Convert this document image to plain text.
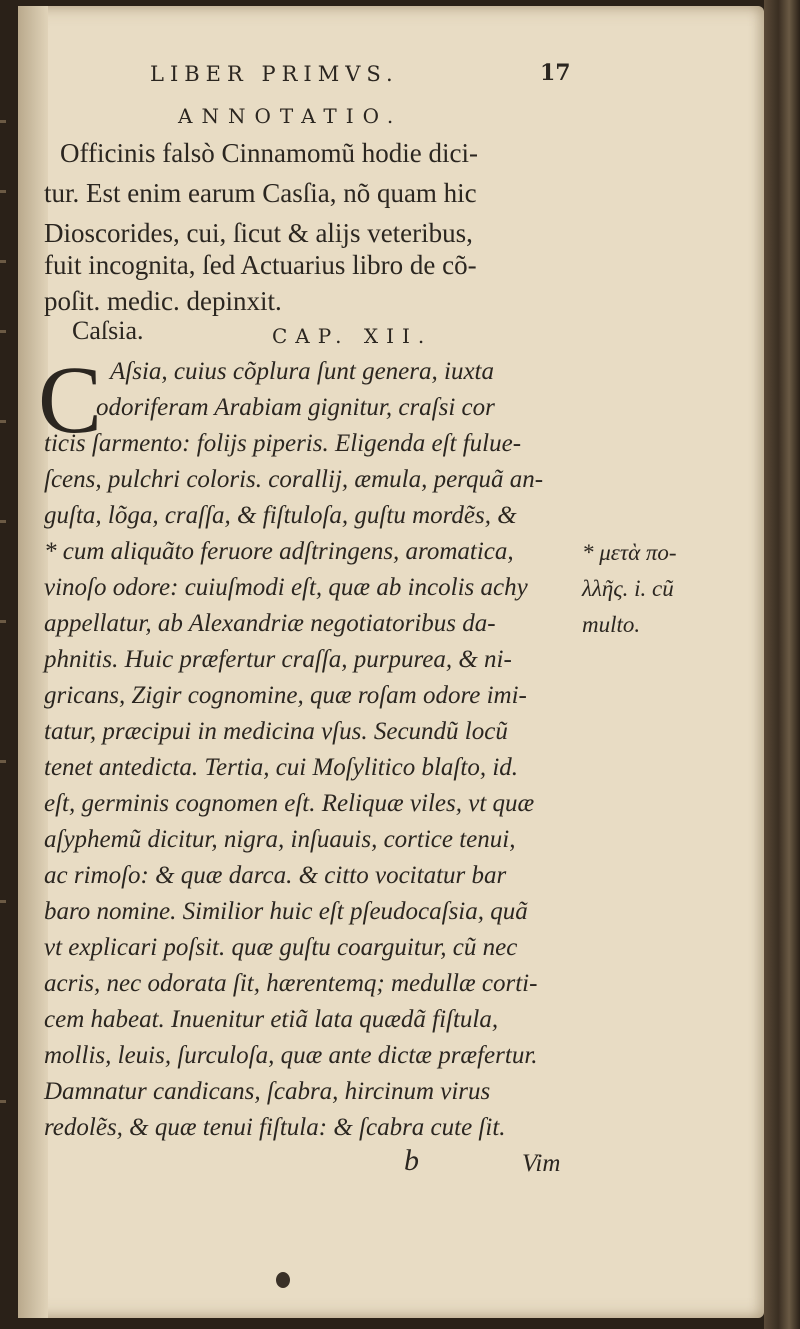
LIBER PRIMVS.	17
ANNOTATIO.
Officinis falsò Cinnamomũ hodie dici-
tur. Est enim earum Casſia, nõ quam hic
Dioscorides, cui, ſicut & alijs veteribus,
fuit incognita, ſed Actuarius libro de cõ-
poſit. medic. depinxit.
Caſsia.	CAP. XII.
C Aſsia, cuius cõplura ſunt genera, iuxta
odoriferam Arabiam gignitur, craſsi cor
ticis ſarmento: folijs piperis. Eligenda eſt fulue-
ſcens, pulchri coloris. corallij, æmula, perquã an-
guſta, lõga, craſſa, & fiſtuloſa, guſtu mordẽs, &
* cum aliquãto feruore adſtringens, aromatica,
vinoſo odore: cuiuſmodi eſt, quæ ab incolis achy
appellatur, ab Alexandriæ negotiatoribus da-
phnitis. Huic præfertur craſſa, purpurea, & ni-
gricans, Zigir cognomine, quæ roſam odore imi-
tatur, præcipui in medicina vſus. Secundũ locũ
tenet antedicta. Tertia, cui Moſylitico blaſto, id.
eſt, germinis cognomen eſt. Reliquæ viles, vt quæ
aſyphemũ dicitur, nigra, inſuauis, cortice tenui,
ac rimoſo: & quæ darca. & citto vocitatur bar
baro nomine. Similior huic eſt pſeudocaſsia, quã
vt explicari poſsit. quæ guſtu coarguitur, cũ nec
acris, nec odorata ſit, hærentemq; medullæ corti-
cem habeat. Inuenitur etiã lata quædã fiſtula,
mollis, leuis, ſurculoſa, quæ ante dictæ præfertur.
Damnatur candicans, ſcabra, hircinum virus
redolẽs, & quæ tenui fiſtula: & ſcabra cute ſit.
* μετὰ πο-
λλῆς. i. cũ
multo.
b	Vim
